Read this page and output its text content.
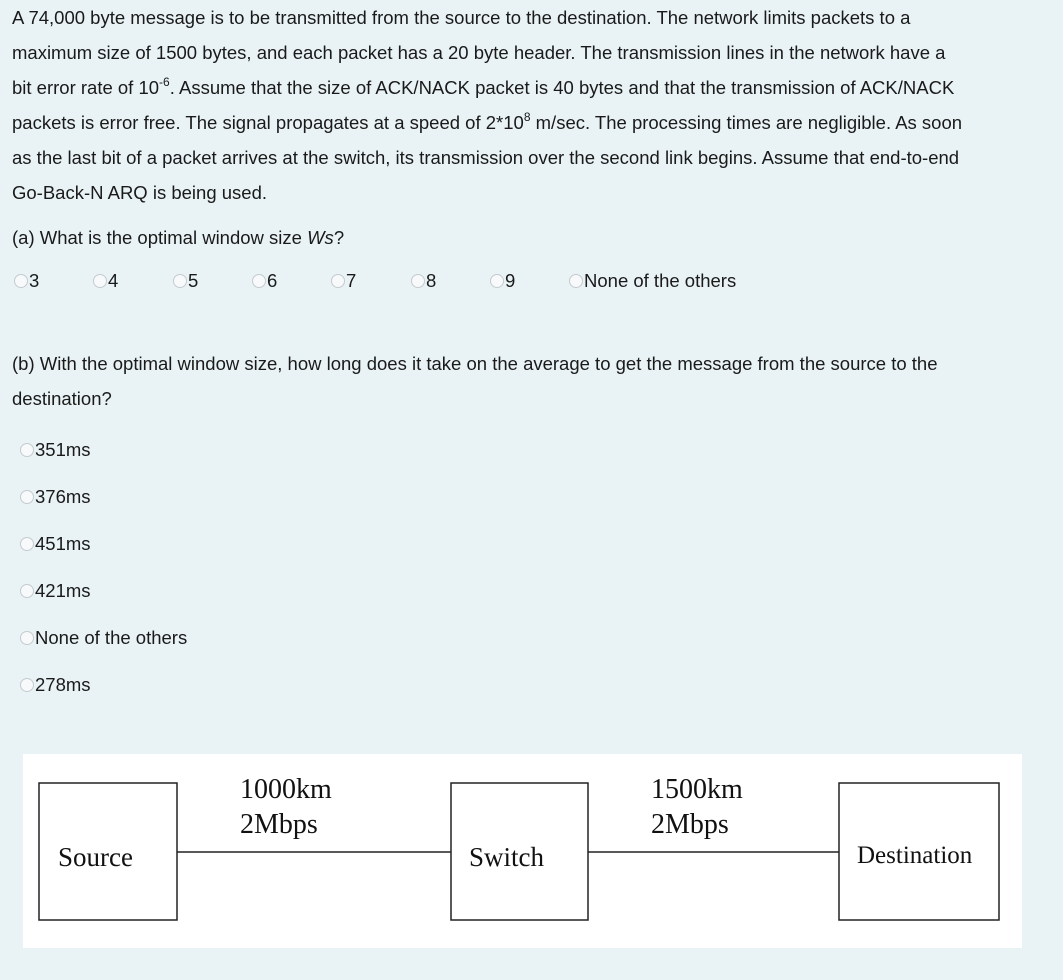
A 74,000 byte message is to be transmitted from the source to the destination. The network limits packets to a
maximum size of 1500 bytes, and each packet has a 20 byte header. The transmission lines in the network have a
bit error rate of $10^{-6}$. Assume that the size of ACK/NACK packet is 40 bytes and that the transmission of ACK/NACK
packets is error free. The signal propagates at a speed of $2*10^8$ m/sec. The processing times are negligible. As soon
as the last bit of a packet arrives at the switch, its transmission over the second link begins. Assume that end-to-end
Go-Back-N ARQ is being used.
(a) What is the optimal window size Ws?
3	4	5	6	7	8	9	None of the others
(b) With the optimal window size, how long does it take on the average to get the message from the source to the
destination?
351ms
376ms
451ms
421ms
None of the others
278ms
Source	Switch	Destination
1000km
2Mbps
1500km
2Mbps
